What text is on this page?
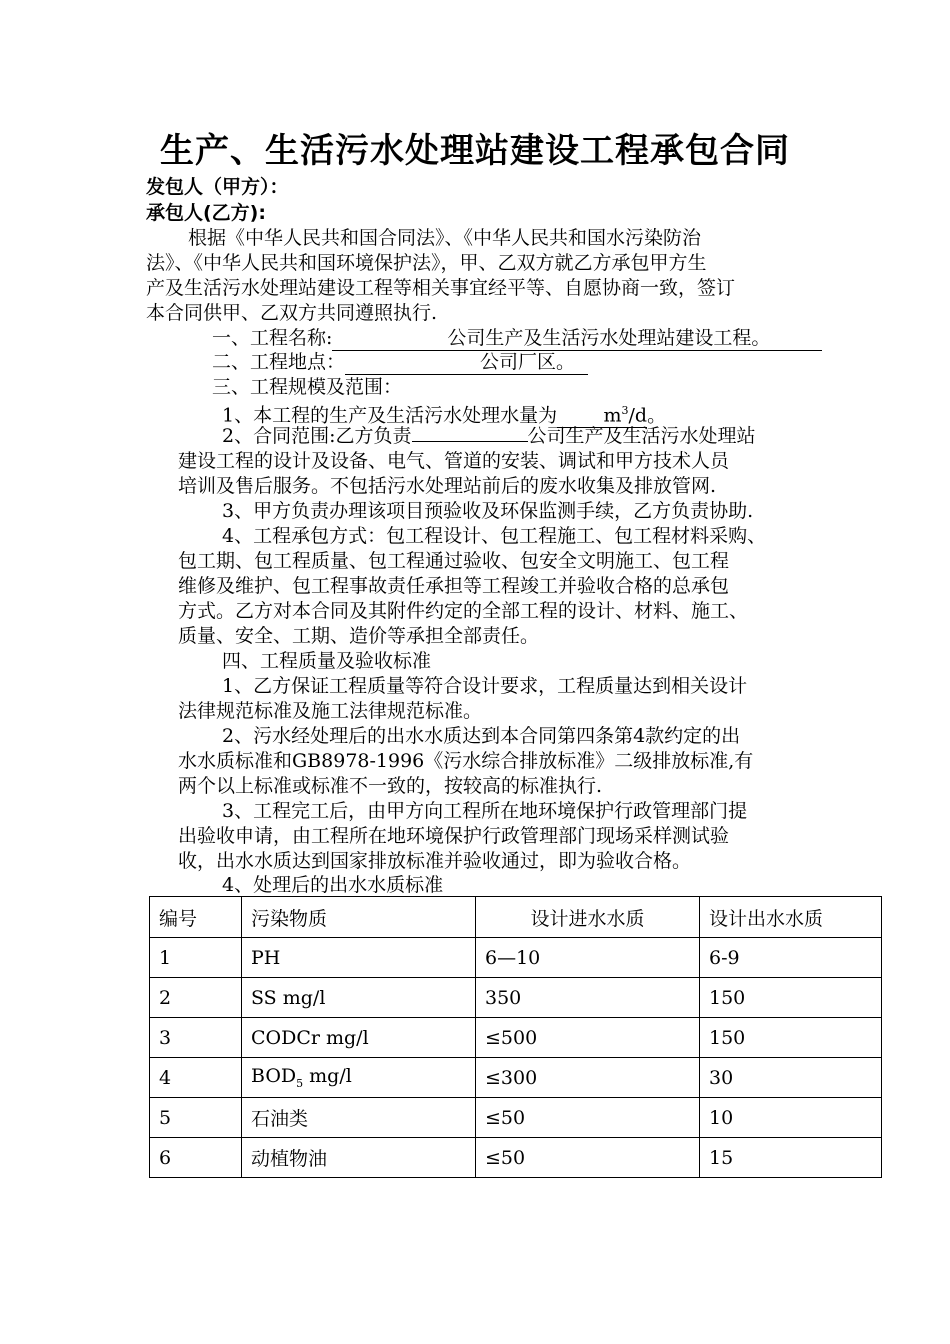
生产、生活污水处理站建设工程承包合同
发包人（甲方）：
承包人(乙方):
根据《中华人民共和国合同法》、《中华人民共和国水污染防治
法》、《中华人民共和国环境保护法》，甲、乙双方就乙方承包甲方生
产及生活污水处理站建设工程等相关事宜经平等、自愿协商一致，签订
本合同供甲、乙双方共同遵照执行.
一、工程名称:	公司生产及生活污水处理站建设工程。
二、工程地点：	公司厂区。
三、工程规模及范围：
1、本工程的生产及生活污水处理水量为 $m^3/d$。
2、合同范围:乙方负责	公司生产及生活污水处理站
建设工程的设计及设备、电气、管道的安装、调试和甲方技术人员
培训及售后服务。不包括污水处理站前后的废水收集及排放管网.
3、甲方负责办理该项目预验收及环保监测手续，乙方负责协助.
4、工程承包方式：包工程设计、包工程施工、包工程材料采购、
包工期、包工程质量、包工程通过验收、包安全文明施工、包工程
维修及维护、包工程事故责任承担等工程竣工并验收合格的总承包
方式。乙方对本合同及其附件约定的全部工程的设计、材料、施工、
质量、安全、工期、造价等承担全部责任。
四、工程质量及验收标准
1、乙方保证工程质量等符合设计要求，工程质量达到相关设计
法律规范标准及施工法律规范标准。
2、污水经处理后的出水水质达到本合同第四条第4款约定的出
水水质标准和GB8978-1996《污水综合排放标准》二级排放标准,有
两个以上标准或标准不一致的，按较高的标准执行.
3、工程完工后，由甲方向工程所在地环境保护行政管理部门提
出验收申请，由工程所在地环境保护行政管理部门现场采样测试验
收，出水水质达到国家排放标准并验收通过，即为验收合格。
4、处理后的出水水质标准
编号	污染物质	设计进水水质	设计出水水质
1	PH	6—10	6-9
2	SS mg/l	350	150
3	CODCr mg/l	≤500	150
4	$BOD_5$ mg/l	≤300	30
5	石油类	≤50	10
6	动植物油	≤50	15
